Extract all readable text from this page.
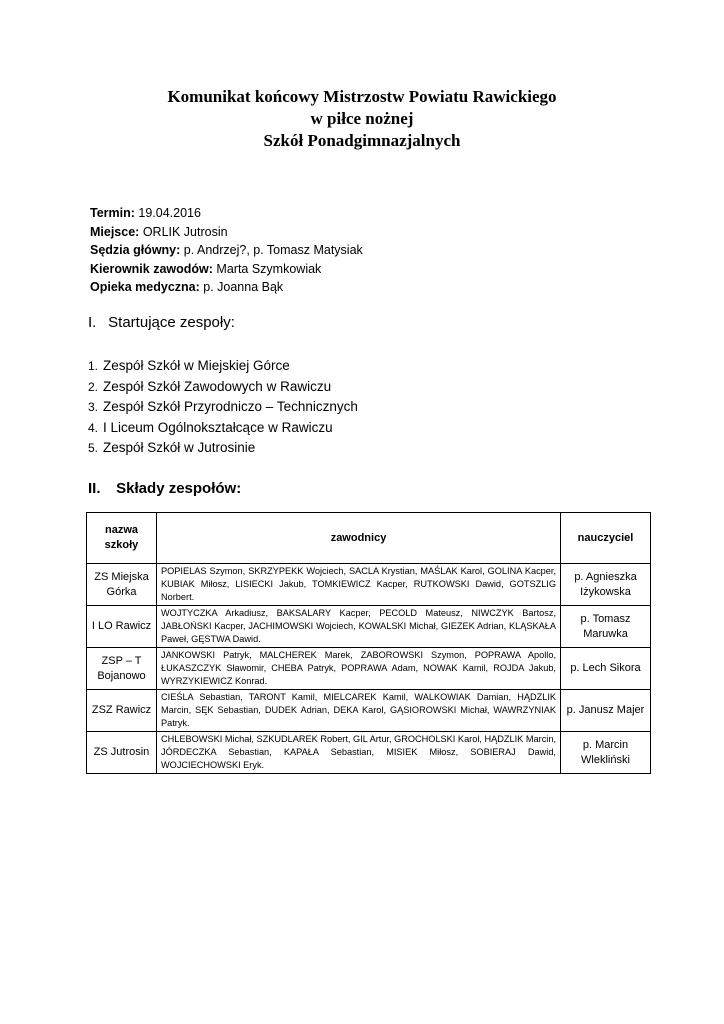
Komunikat końcowy Mistrzostw Powiatu Rawickiego
w piłce nożnej
Szkół Ponadgimnazjalnych
Termin: 19.04.2016
Miejsce: ORLIK Jutrosin
Sędzia główny: p. Andrzej?, p. Tomasz Matysiak
Kierownik zawodów: Marta Szymkowiak
Opieka medyczna: p. Joanna Bąk
I. Startujące zespoły:
1. Zespół Szkół w Miejskiej Górce
2. Zespół Szkół Zawodowych w Rawiczu
3. Zespół Szkół Przyrodniczo – Technicznych
4. I Liceum Ogólnokształcące w Rawiczu
5. Zespół Szkół w Jutrosinie
II. Składy zespołów:
nazwa szkoły	zawodnicy	nauczyciel
ZS Miejska Górka	POPIELAS Szymon, SKRZYPEKK Wojciech, SACLA Krystian, MAŚLAK Karol, GOLINA Kacper, KUBIAK Miłosz, LISIECKI Jakub, TOMKIEWICZ Kacper, RUTKOWSKI Dawid, GOTSZLIG Norbert.	p. Agnieszka Iżykowska
I LO Rawicz	WOJTYCZKA Arkadiusz, BAKSALARY Kacper, PECOLD Mateusz, NIWCZYK Bartosz, JABŁOŃSKI Kacper, JACHIMOWSKI Wojciech, KOWALSKI Michał, GIEZEK Adrian, KLĄSKAŁA Paweł, GĘSTWA Dawid.	p. Tomasz Maruwka
ZSP – T Bojanowo	JANKOWSKI Patryk, MALCHEREK Marek, ZABOROWSKI Szymon, POPRAWA Apollo, ŁUKASZCZYK Sławomir, CHEBA Patryk, POPRAWA Adam, NOWAK Kamil, ROJDA Jakub, WYRZYKIEWICZ Konrad.	p. Lech Sikora
ZSZ Rawicz	CIEŚLA Sebastian, TARONT Kamil, MIELCAREK Kamil, WALKOWIAK Damian, HĄDZLIK Marcin, SĘK Sebastian, DUDEK Adrian, DEKA Karol, GĄSIOROWSKI Michał, WAWRZYNIAK Patryk.	p. Janusz Majer
ZS Jutrosin	CHLEBOWSKI Michał, SZKUDLAREK Robert, GIL Artur, GROCHOLSKI Karol, HĄDZLIK Marcin, JÓRDECZKA Sebastian, KAPAŁA Sebastian, MISIEK Miłosz, SOBIERAJ Dawid, WOJCIECHOWSKI Eryk.	p. Marcin Wlekliński
